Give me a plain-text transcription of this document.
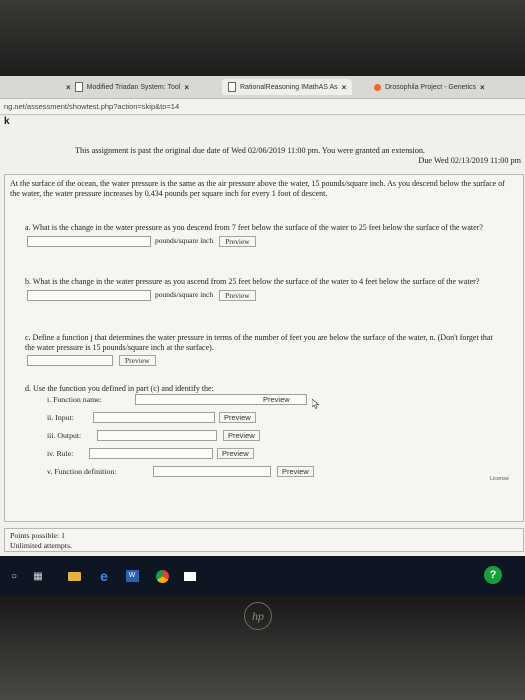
× Modified Triadan System: Tool ×	RationalReasoning IMathAS As ×	Drosophila Project - Genetics ×
ng.net/assessment/showtest.php?action=skip&to=14
k
This assignment is past the original due date of Wed 02/06/2019 11:00 pm. You were granted an extension.
Due Wed 02/13/2019 11:00 pm
At the surface of the ocean, the water pressure is the same as the air pressure above the water, 15 pounds/square inch. As you descend below the surface of the water, the water pressure increases by 0.434 pounds per square inch for every 1 foot of descent.
a. What is the change in the water pressure as you descend from 7 feet below the surface of the water to 25 feet below the surface of the water?
pounds/square inch	Preview
b. What is the change in the water pressure as you ascend from 25 feet below the surface of the water to 4 feet below the surface of the water?
pounds/square inch	Preview
c. Define a function j that determines the water pressure in terms of the number of feet you are below the surface of the water, n. (Don't forget that the water pressure is 15 pounds/square inch at the surface).
Preview
d. Use the function you defined in part (c) and identify the:
i. Function name:	Preview
ii. Input:	Preview
iii. Output:	Preview
iv. Rule:	Preview
v. Function definition:	Preview
License
Points possible: 1
Unlimited attempts.
○	▦	e	W	?
hp
